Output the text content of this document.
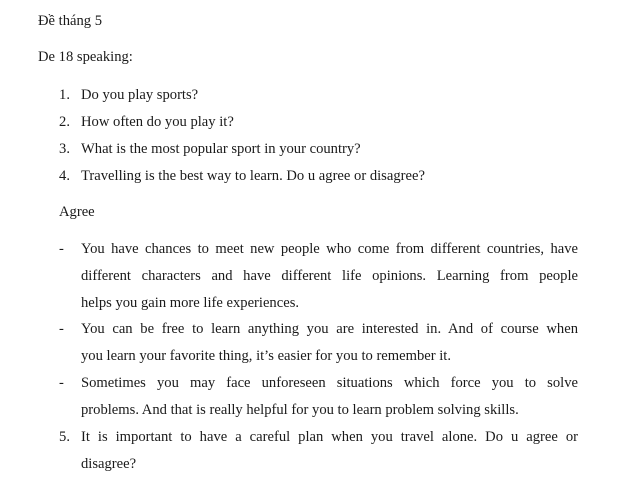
Đề tháng 5
De 18 speaking:
1. Do you play sports?
2. How often do you play it?
3. What is the most popular sport in your country?
4. Travelling is the best way to learn. Do u agree or disagree?
Agree
- You have chances to meet new people who come from different countries, have
different characters and have different life opinions. Learning from people
helps you gain more life experiences.
- You can be free to learn anything you are interested in. And of course when
you learn your favorite thing, it’s easier for you to remember it.
- Sometimes you may face unforeseen situations which force you to solve
problems. And that is really helpful for you to learn problem solving skills.
5. It is important to have a careful plan when you travel alone. Do u agree or
disagree?
